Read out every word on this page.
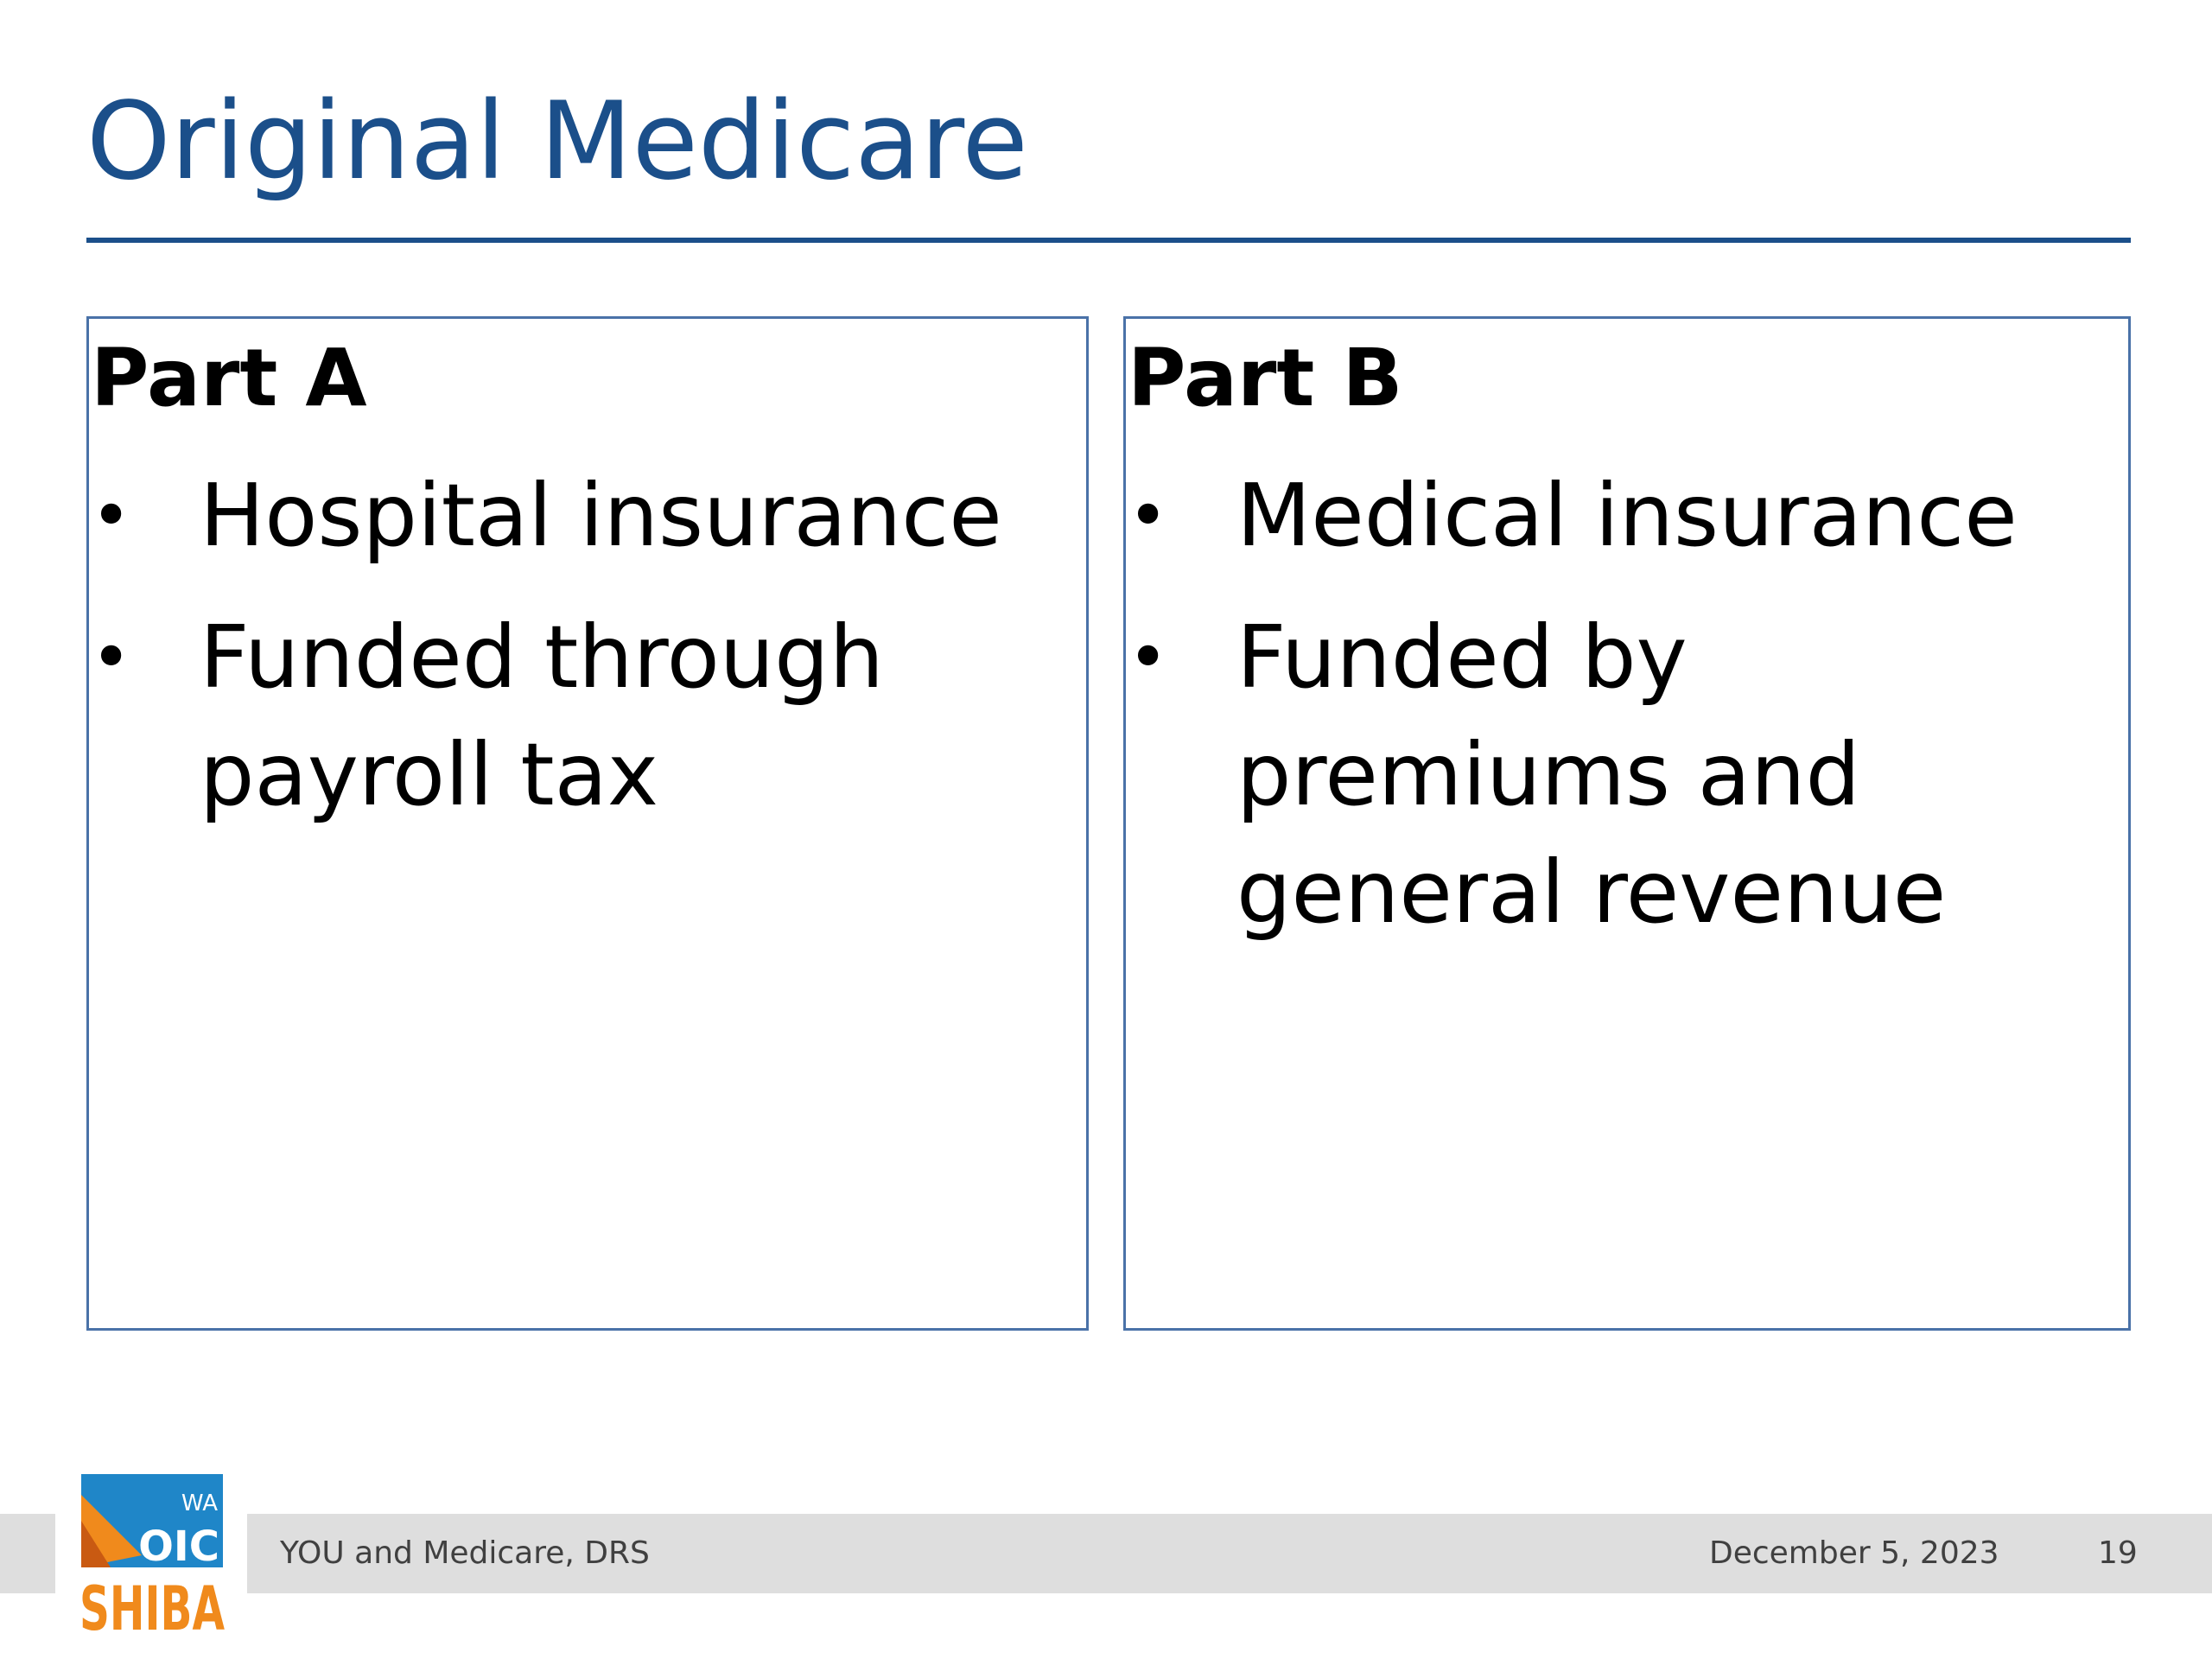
Original Medicare
Part A
• Hospital insurance
• Funded through payroll tax
Part B
• Medical insurance
• Funded by premiums and general revenue
WA
OIC
SHIBA
YOU and Medicare, DRS	December 5, 2023	19
